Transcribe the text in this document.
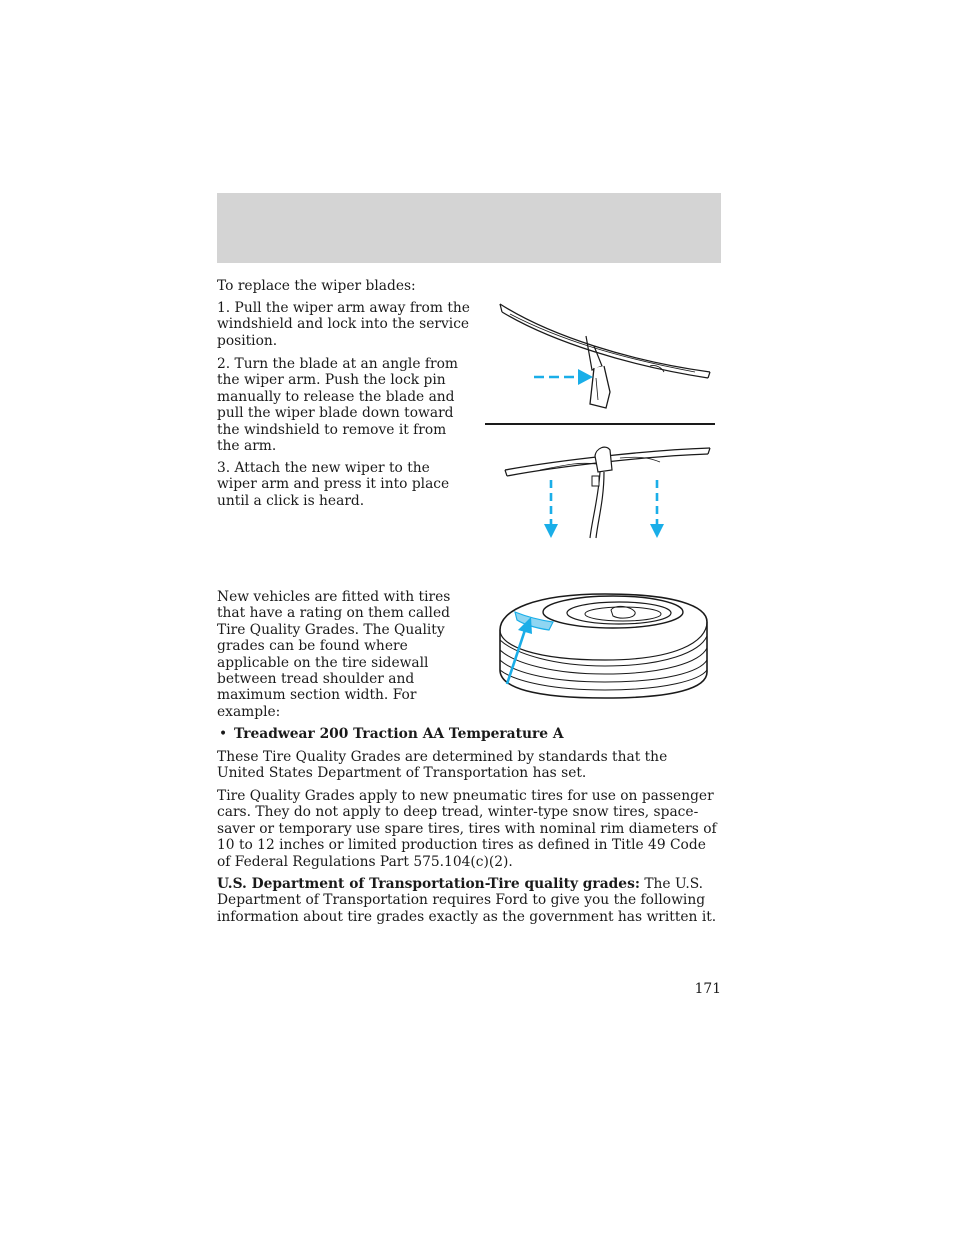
To replace the wiper blades:

1. Pull the wiper arm away from the windshield and lock into the service position.

2. Turn the blade at an angle from the wiper arm. Push the lock pin manually to release the blade and pull the wiper blade down toward the windshield to remove it from the arm.

3. Attach the new wiper to the wiper arm and press it into place until a click is heard.

New vehicles are fitted with tires that have a rating on them called Tire Quality Grades. The Quality grades can be found where applicable on the tire sidewall between tread shoulder and maximum section width. For example:

• Treadwear 200 Traction AA Temperature A

These Tire Quality Grades are determined by standards that the United States Department of Transportation has set.

Tire Quality Grades apply to new pneumatic tires for use on passenger cars. They do not apply to deep tread, winter-type snow tires, space-saver or temporary use spare tires, tires with nominal rim diameters of 10 to 12 inches or limited production tires as defined in Title 49 Code of Federal Regulations Part 575.104(c)(2).

U.S. Department of Transportation-Tire quality grades: The U.S. Department of Transportation requires Ford to give you the following information about tire grades exactly as the government has written it.

171
